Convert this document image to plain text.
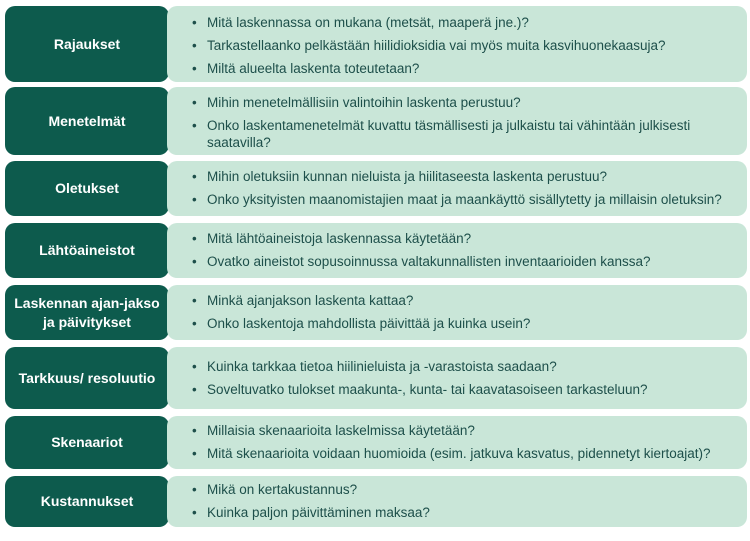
Rajaukset
• Mitä laskennassa on mukana (metsät, maaperä jne.)?
• Tarkastellaanko pelkästään hiilidioksidia vai myös muita kasvihuonekaasuja?
• Miltä alueelta laskenta toteutetaan?
Menetelmät
• Mihin menetelmällisiin valintoihin laskenta perustuu?
• Onko laskentamenetelmät kuvattu täsmällisesti ja julkaistu tai vähintään julkisesti saatavilla?
Oletukset
• Mihin oletuksiin kunnan nieluista ja hiilitaseesta laskenta perustuu?
• Onko yksityisten maanomistajien maat ja maankäyttö sisällytetty ja millaisin oletuksin?
Lähtöaineistot
• Mitä lähtöaineistoja laskennassa käytetään?
• Ovatko aineistot sopusoinnussa valtakunnallisten inventaarioiden kanssa?
Laskennan ajan-jakso ja päivitykset
• Minkä ajanjakson laskenta kattaa?
• Onko laskentoja mahdollista päivittää ja kuinka usein?
Tarkkuus/ resoluutio
• Kuinka tarkkaa tietoa hiilinieluista ja -varastoista saadaan?
• Soveltuvatko tulokset maakunta-, kunta- tai kaavatasoiseen tarkasteluun?
Skenaariot
• Millaisia skenaarioita laskelmissa käytetään?
• Mitä skenaarioita voidaan huomioida (esim. jatkuva kasvatus, pidennetyt kiertoajat)?
Kustannukset
• Mikä on kertakustannus?
• Kuinka paljon päivittäminen maksaa?
